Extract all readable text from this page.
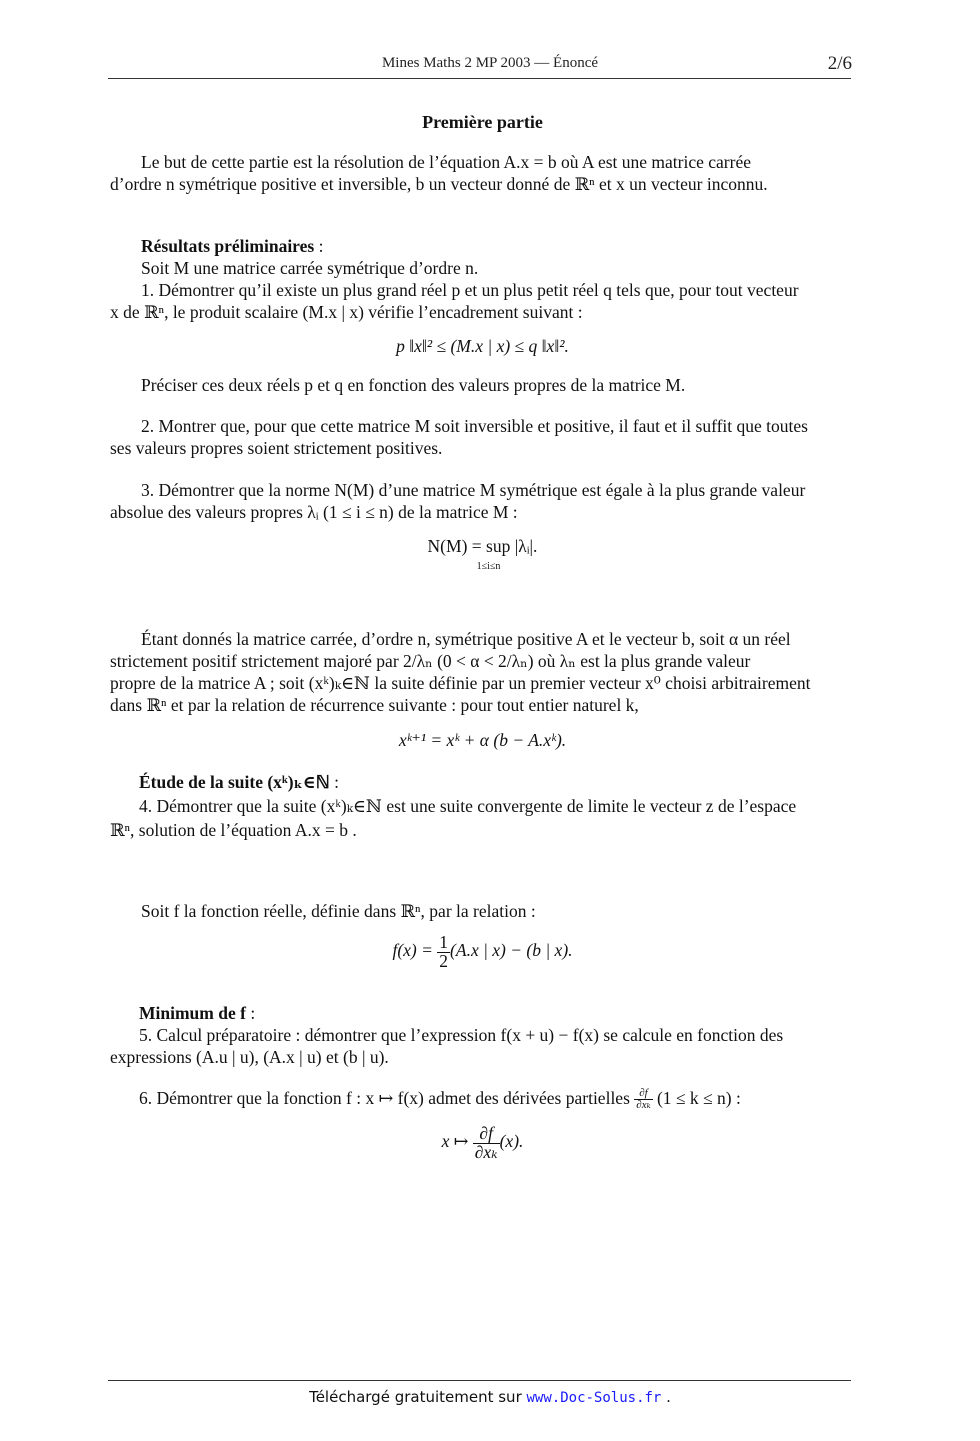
Mines Maths 2 MP 2003 — Énoncé	2/6
Première partie
Le but de cette partie est la résolution de l’équation A.x = b où A est une matrice carrée
d’ordre n symétrique positive et inversible, b un vecteur donné de ℝⁿ et x un vecteur inconnu.
Résultats préliminaires :
Soit M une matrice carrée symétrique d’ordre n.
1. Démontrer qu’il existe un plus grand réel p et un plus petit réel q tels que, pour tout vecteur
x de ℝⁿ, le produit scalaire (M.x | x) vérifie l’encadrement suivant :
p ‖x‖² ≤ (M.x | x) ≤ q ‖x‖².
Préciser ces deux réels p et q en fonction des valeurs propres de la matrice M.
2. Montrer que, pour que cette matrice M soit inversible et positive, il faut et il suffit que toutes
ses valeurs propres soient strictement positives.
3. Démontrer que la norme N(M) d’une matrice M symétrique est égale à la plus grande valeur
absolue des valeurs propres λᵢ (1 ≤ i ≤ n) de la matrice M :
N(M) = sup |λᵢ|.
1≤i≤n
Étant donnés la matrice carrée, d’ordre n, symétrique positive A et le vecteur b, soit α un réel
strictement positif strictement majoré par 2/λₙ (0 < α < 2/λₙ) où λₙ est la plus grande valeur
propre de la matrice A ; soit (xᵏ)ₖ∈ℕ la suite définie par un premier vecteur x⁰ choisi arbitrairement
dans ℝⁿ et par la relation de récurrence suivante : pour tout entier naturel k,
xᵏ⁺¹ = xᵏ + α (b − A.xᵏ).
Étude de la suite (xᵏ)ₖ∈ℕ :
4. Démontrer que la suite (xᵏ)ₖ∈ℕ est une suite convergente de limite le vecteur z de l’espace
ℝⁿ, solution de l’équation A.x = b .
Soit f la fonction réelle, définie dans ℝⁿ, par la relation :
$f(x) = \frac{1}{2} (A.x$ | x) − (b | x).
Minimum de f :
5. Calcul préparatoire : démontrer que l’expression f(x + u) − f(x) se calcule en fonction des
expressions (A.u | u), (A.x | u) et (b | u).
6. Démontrer que la fonction f : x ↦ f(x) admet des dérivées partielles $\frac{\partial f}{\text{∂xₖ}} (1 \le k \le n)$ :
x ↦ $\frac{\partial f}{\text{∂xₖ}} (x)$.
Téléchargé gratuitement sur www.Doc-Solus.fr .
